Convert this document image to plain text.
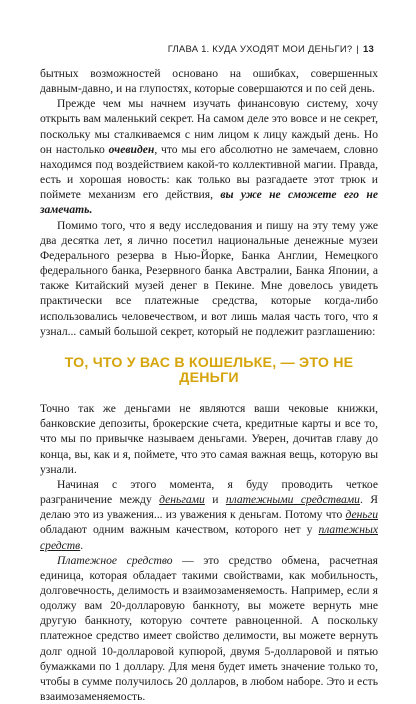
ГЛАВА 1. КУДА УХОДЯТ МОИ ДЕНЬГИ? | 13

бытных возможностей основано на ошибках, совершенных давным-давно, и на глупостях, которые совершаются и по сей день.

Прежде чем мы начнем изучать финансовую систему, хочу открыть вам маленький секрет. На самом деле это вовсе и не секрет, поскольку мы сталкиваемся с ним лицом к лицу каждый день. Но он настолько очевиден, что мы его абсолютно не замечаем, словно находимся под воздействием какой-то коллективной магии. Правда, есть и хорошая новость: как только вы разгадаете этот трюк и поймете механизм его действия, вы уже не сможете его не замечать.

Помимо того, что я веду исследования и пишу на эту тему уже два десятка лет, я лично посетил национальные денежные музеи Федерального резерва в Нью-Йорке, Банка Англии, Немецкого федерального банка, Резервного банка Австралии, Банка Японии, а также Китайский музей денег в Пекине. Мне довелось увидеть практически все платежные средства, которые когда-либо использовались человечеством, и вот лишь малая часть того, что я узнал... самый большой секрет, который не подлежит разглашению:

ТО, ЧТО У ВАС В КОШЕЛЬКЕ, — ЭТО НЕ ДЕНЬГИ

Точно так же деньгами не являются ваши чековые книжки, банковские депозиты, брокерские счета, кредитные карты и все то, что мы по привычке называем деньгами. Уверен, дочитав главу до конца, вы, как и я, поймете, что это самая важная вещь, которую вы узнали.

Начиная с этого момента, я буду проводить четкое разграничение между деньгами и платежными средствами. Я делаю это из уважения... из уважения к деньгам. Потому что деньги обладают одним важным качеством, которого нет у платежных средств.

Платежное средство — это средство обмена, расчетная единица, которая обладает такими свойствами, как мобильность, долговечность, делимость и взаимозаменяемость. Например, если я одолжу вам 20-долларовую банкноту, вы можете вернуть мне другую банкноту, которую сочтете равноценной. А поскольку платежное средство имеет свойство делимости, вы можете вернуть долг одной 10-долларовой купюрой, двумя 5-долларовой и пятью бумажками по 1 доллару. Для меня будет иметь значение только то, чтобы в сумме получилось 20 долларов, в любом наборе. Это и есть взаимозаменяемость.
